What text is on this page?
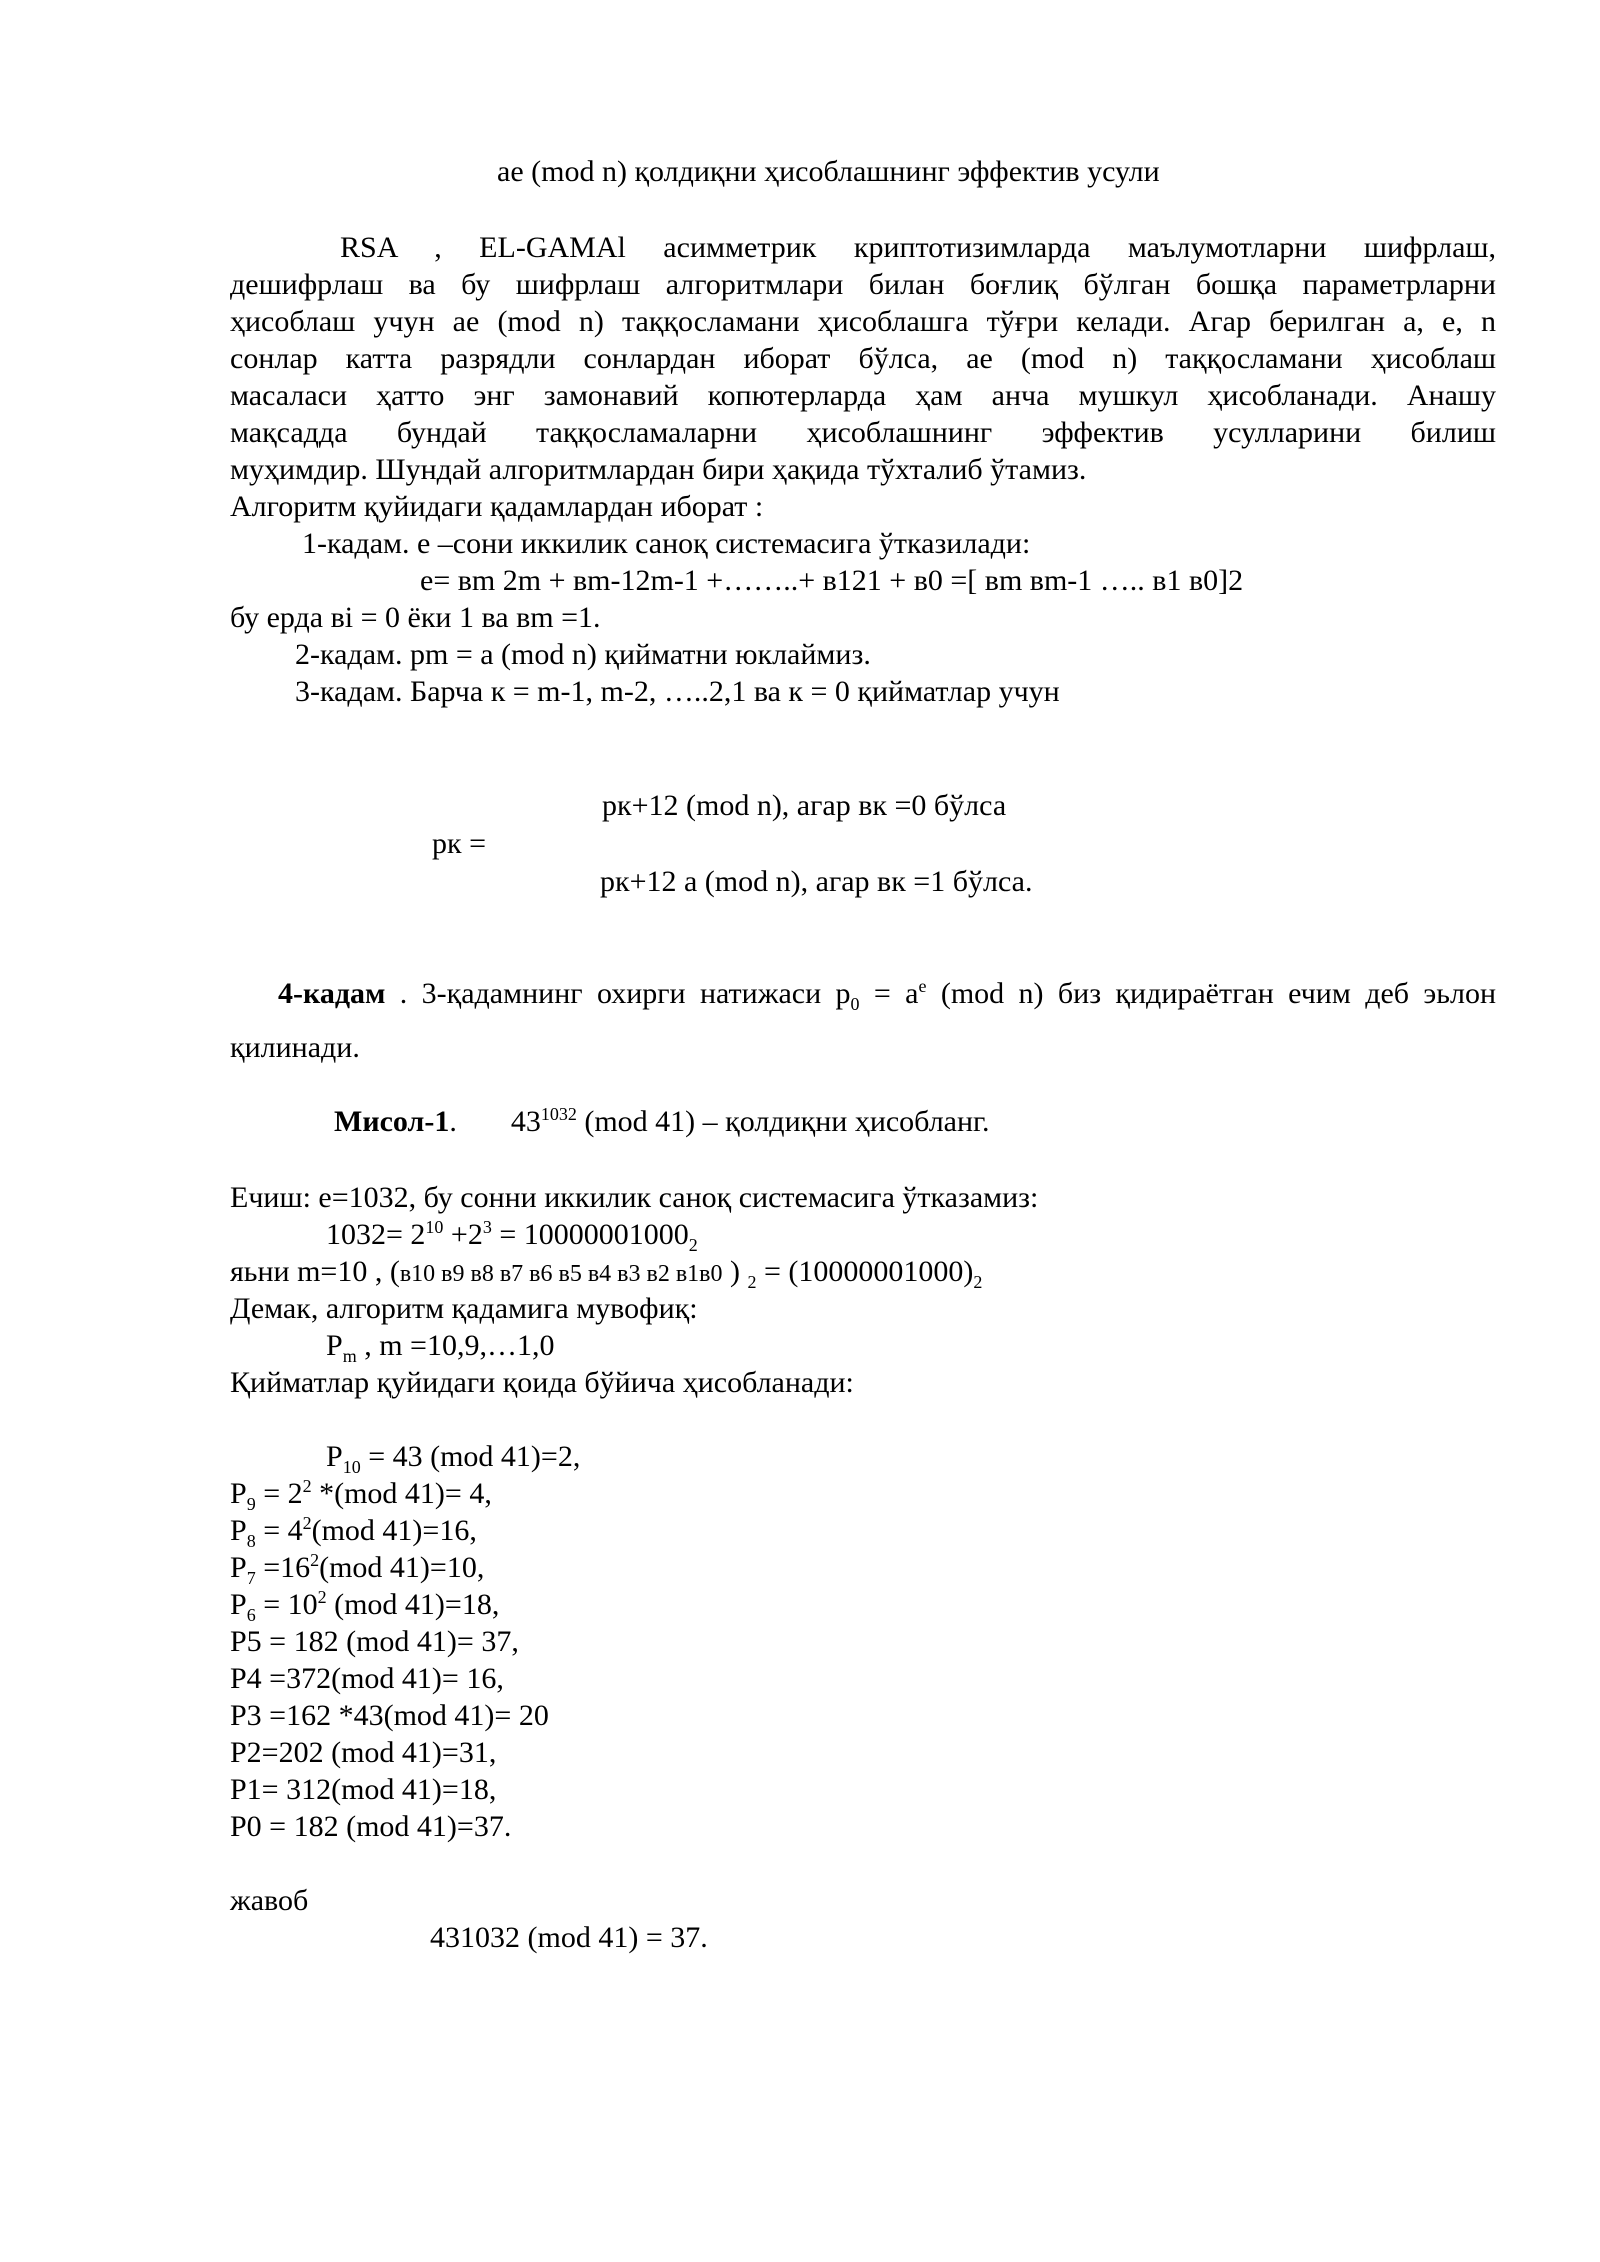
ae (mod n) қолдиқни ҳисоблашнинг эффектив усули
RSA , EL-GAMAl асимметрик криптотизимларда маълумотларни шифрлаш,
дешифрлаш ва бу шифрлаш алгоритмлари билан боғлиқ бўлган бошқа параметрларни
ҳисоблаш учун ae (mod n) таққосламани ҳисоблашга тўғри келади. Агар берилган a, e, n
сонлар катта разрядли сонлардан иборат бўлса, ae (mod n) таққосламани ҳисоблаш
масаласи ҳатто энг замонавий копютерларда ҳам анча мушкул ҳисобланади. Анашу
мақсадда бундай таққосламаларни ҳисоблашнинг эффектив усулларини билиш
муҳимдир. Шундай алгоритмлардан бири ҳақида тўхталиб ўтамиз.
Алгоритм қуйидаги қадамлардан иборат :
1-кадам. e –сони иккилик саноқ системасига ўтказилади:
e= вm 2m + вm-12m-1 +……..+ в121 + в0 =[ вm вm-1 ….. в1 в0]2
бу ерда вi = 0 ёки 1 ва вm =1.
2-кадам. pm = a (mod n) қийматни юклаймиз.
3-кадам. Барча к = m-1, m-2, …..2,1 ва к = 0 қийматлар учун
рк+12 (mod n), агар вк =0 бўлса
рк =
рк+12 a (mod n), агар вк =1 бўлса.
4-кадам . 3-қадамнинг охирги натижаси $p_0 = a^e$ (mod n) биз қидираётган ечим деб эьлон
қилинади.
Мисол-1. $43^{1032}$ (mod 41) – қолдиқни ҳисобланг.
Ечиш: e=1032, бу сонни иккилик саноқ системасига ўтказамиз:
$1032= 2^{10} +2^3 = 10000001000_2$
яьни m=10 , (в10 в9 в8 в7 в6 в5 в4 в3 в2 в1в0 ) $_2 = (10000001000)_2$
Демак, алгоритм қадамига мувофиқ:
$P_m$ , m =10,9,…1,0
Қийматлар қуйидаги қоида бўйича ҳисобланади:
$P_{10} = 43$ (mod 41)=2,
$P_9 = 2^2$ *(mod 41)= 4,
$P_8 = 4^2(mod$ 41)=16,
$P_7 =16^2(mod$ 41)=10,
$P_6 = 10^2$ (mod 41)=18,
P5 = 182 (mod 41)= 37,
P4 =372(mod 41)= 16,
P3 =162 *43(mod 41)= 20
P2=202 (mod 41)=31,
P1= 312(mod 41)=18,
P0 = 182 (mod 41)=37.
жавоб
431032 (mod 41) = 37.
